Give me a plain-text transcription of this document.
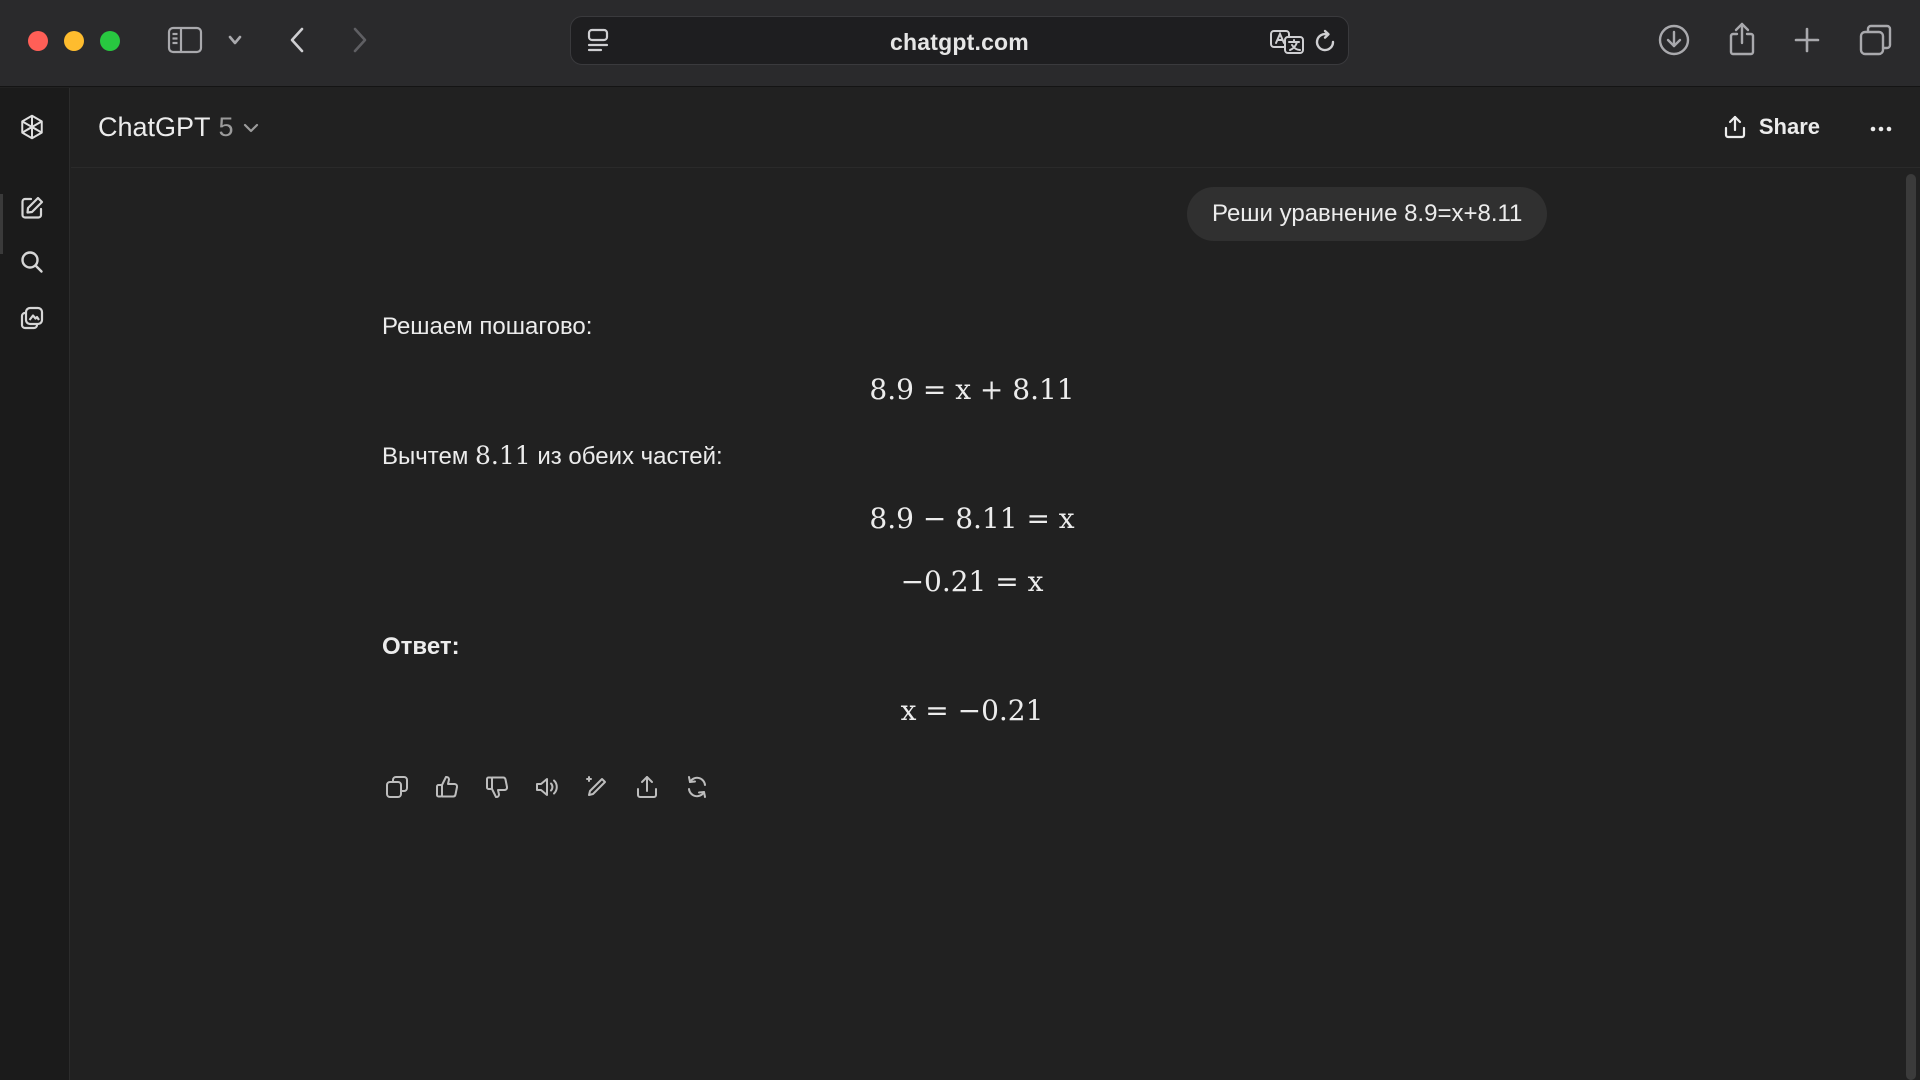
chatgpt.com
ChatGPT 5	Share
Реши уравнение 8.9=x+8.11
Решаем пошагово:
8.9 = x + 8.11
Вычтем 8.11 из обеих частей:
8.9 − 8.11 = x
−0.21 = x
Ответ:
x = −0.21
